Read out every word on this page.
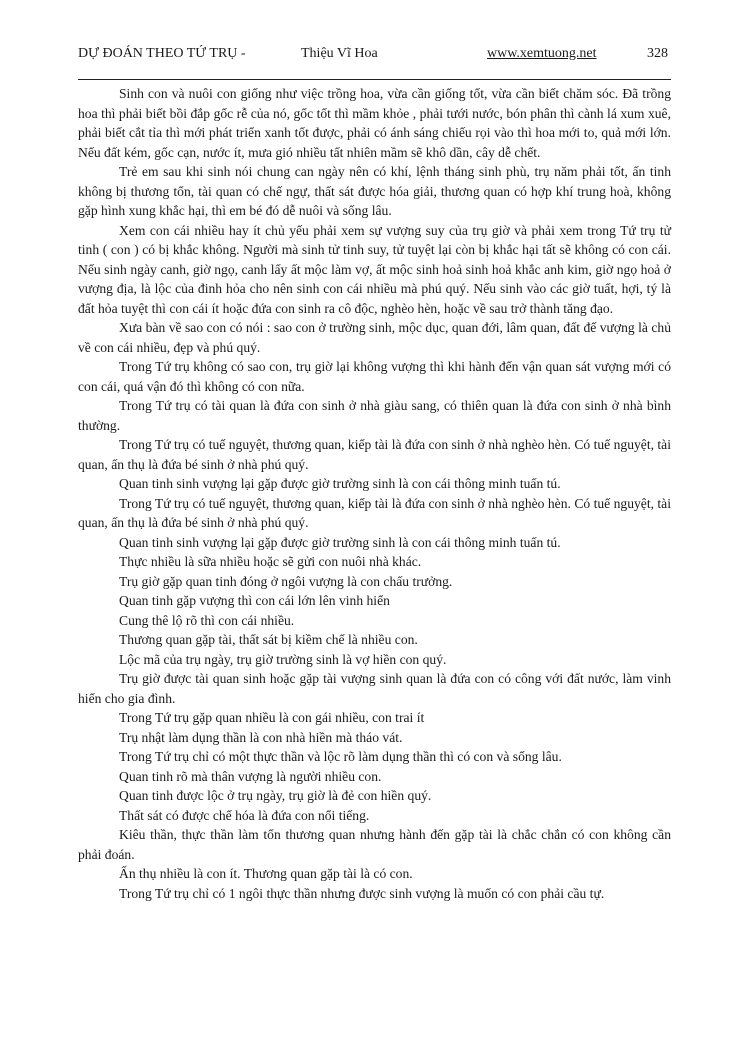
DỰ ĐOÁN THEO TỨ TRỤ -	Thiệu Vĩ Hoa	www.xemtuong.net	328

Sinh con và nuôi con giống như việc trồng hoa, vừa cần giống tốt, vừa cần biết chăm sóc. Đã trồng hoa thì phải biết bồi đắp gốc rễ của nó, gốc tốt thì mầm khỏe , phải tưới nước, bón phân thì cành lá xum xuê, phải biết cắt tỉa thì mới phát triển xanh tốt được, phải có ánh sáng chiếu rọi vào thì hoa mới to, quả mới lớn. Nếu đất kém, gốc cạn, nước ít, mưa gió nhiều tất nhiên mầm sẽ khô dần, cây dễ chết.

Trẻ em sau khi sinh nói chung can ngày nên có khí, lệnh tháng sinh phù, trụ năm phải tốt, ấn tinh không bị thương tổn, tài quan có chế ngự, thất sát được hóa giải, thương quan có hợp khí trung hoà, không gặp hình xung khắc hại, thì em bé đó dễ nuôi và sống lâu.

Xem con cái nhiều hay ít chủ yếu phải xem sự vượng suy của trụ giờ và phải xem trong Tứ trụ tử tinh ( con ) có bị khắc không. Người mà sinh tử tinh suy, tử tuyệt lại còn bị khắc hại tất sẽ không có con cái. Nếu sinh ngày canh, giờ ngọ, canh lấy ất mộc làm vợ, ất mộc sinh hoả sinh hoả khắc anh kim, giờ ngọ hoả ở vượng địa, là lộc của đinh hỏa cho nên sinh con cái nhiều mà phú quý. Nếu sinh vào các giờ tuất, hợi, tý là đất hỏa tuyệt thì con cái ít hoặc đứa con sinh ra cô độc, nghèo hèn, hoặc về sau trở thành tăng đạo.

Xưa bàn về sao con có nói : sao con ở trường sinh, mộc dục, quan đới, lâm quan, đất đế vượng là chủ về con cái nhiều, đẹp và phú quý.

Trong Tứ trụ không có sao con, trụ giờ lại không vượng thì khi hành đến vận quan sát vượng mới có con cái, quá vận đó thì không có con nữa.

Trong Tứ trụ có tài quan là đứa con sinh ở nhà giàu sang, có thiên quan là đứa con sinh ở nhà bình thường.

Trong Tứ trụ có tuế nguyệt, thương quan, kiếp tài là đứa con sinh ở nhà nghèo hèn. Có tuế nguyệt, tài quan, ấn thụ là đứa bé sinh ở nhà phú quý.

Quan tinh sinh vượng lại gặp được giờ trường sinh là con cái thông minh tuấn tú.

Trong Tứ trụ có tuế nguyệt, thương quan, kiếp tài là đứa con sinh ở nhà nghèo hèn. Có tuế nguyệt, tài quan, ấn thụ là đứa bé sinh ở nhà phú quý.

Quan tinh sinh vượng lại gặp được giờ trường sinh là con cái thông minh tuấn tú.

Thực nhiều là sữa nhiều hoặc sẽ gửi con nuôi nhà khác.

Trụ giờ gặp quan tinh đóng ở ngôi vượng là con chấu trưởng.

Quan tinh gặp vượng thì con cái lớn lên vinh hiển

Cung thê lộ rõ thì con cái nhiều.

Thương quan gặp tài, thất sát bị kiềm chế là nhiều con.

Lộc mã của trụ ngày, trụ giờ trường sinh là vợ hiền con quý.

Trụ giờ được tài quan sinh hoặc gặp tài vượng sinh quan là đứa con có công với đất nước, làm vinh hiển cho gia đình.

Trong Tứ trụ gặp quan nhiều là con gái nhiều, con trai ít

Trụ nhật làm dụng thần là con nhà hiền mà tháo vát.

Trong Tứ trụ chỉ có một thực thần và lộc rõ làm dụng thần thì có con và sống lâu.

Quan tinh rõ mà thân vượng là người nhiều con.

Quan tinh được lộc ở trụ ngày, trụ giờ là đẻ con hiền quý.

Thất sát có được chế hóa là đứa con nổi tiếng.

Kiêu thần, thực thần làm tổn thương quan nhưng hành đến gặp tài là chắc chắn có con không cần phải đoán.

Ấn thụ nhiều là con ít. Thương quan gặp tài là có con.

Trong Tứ trụ chỉ có 1 ngôi thực thần nhưng được sinh vượng là muốn có con phải cầu tự.
